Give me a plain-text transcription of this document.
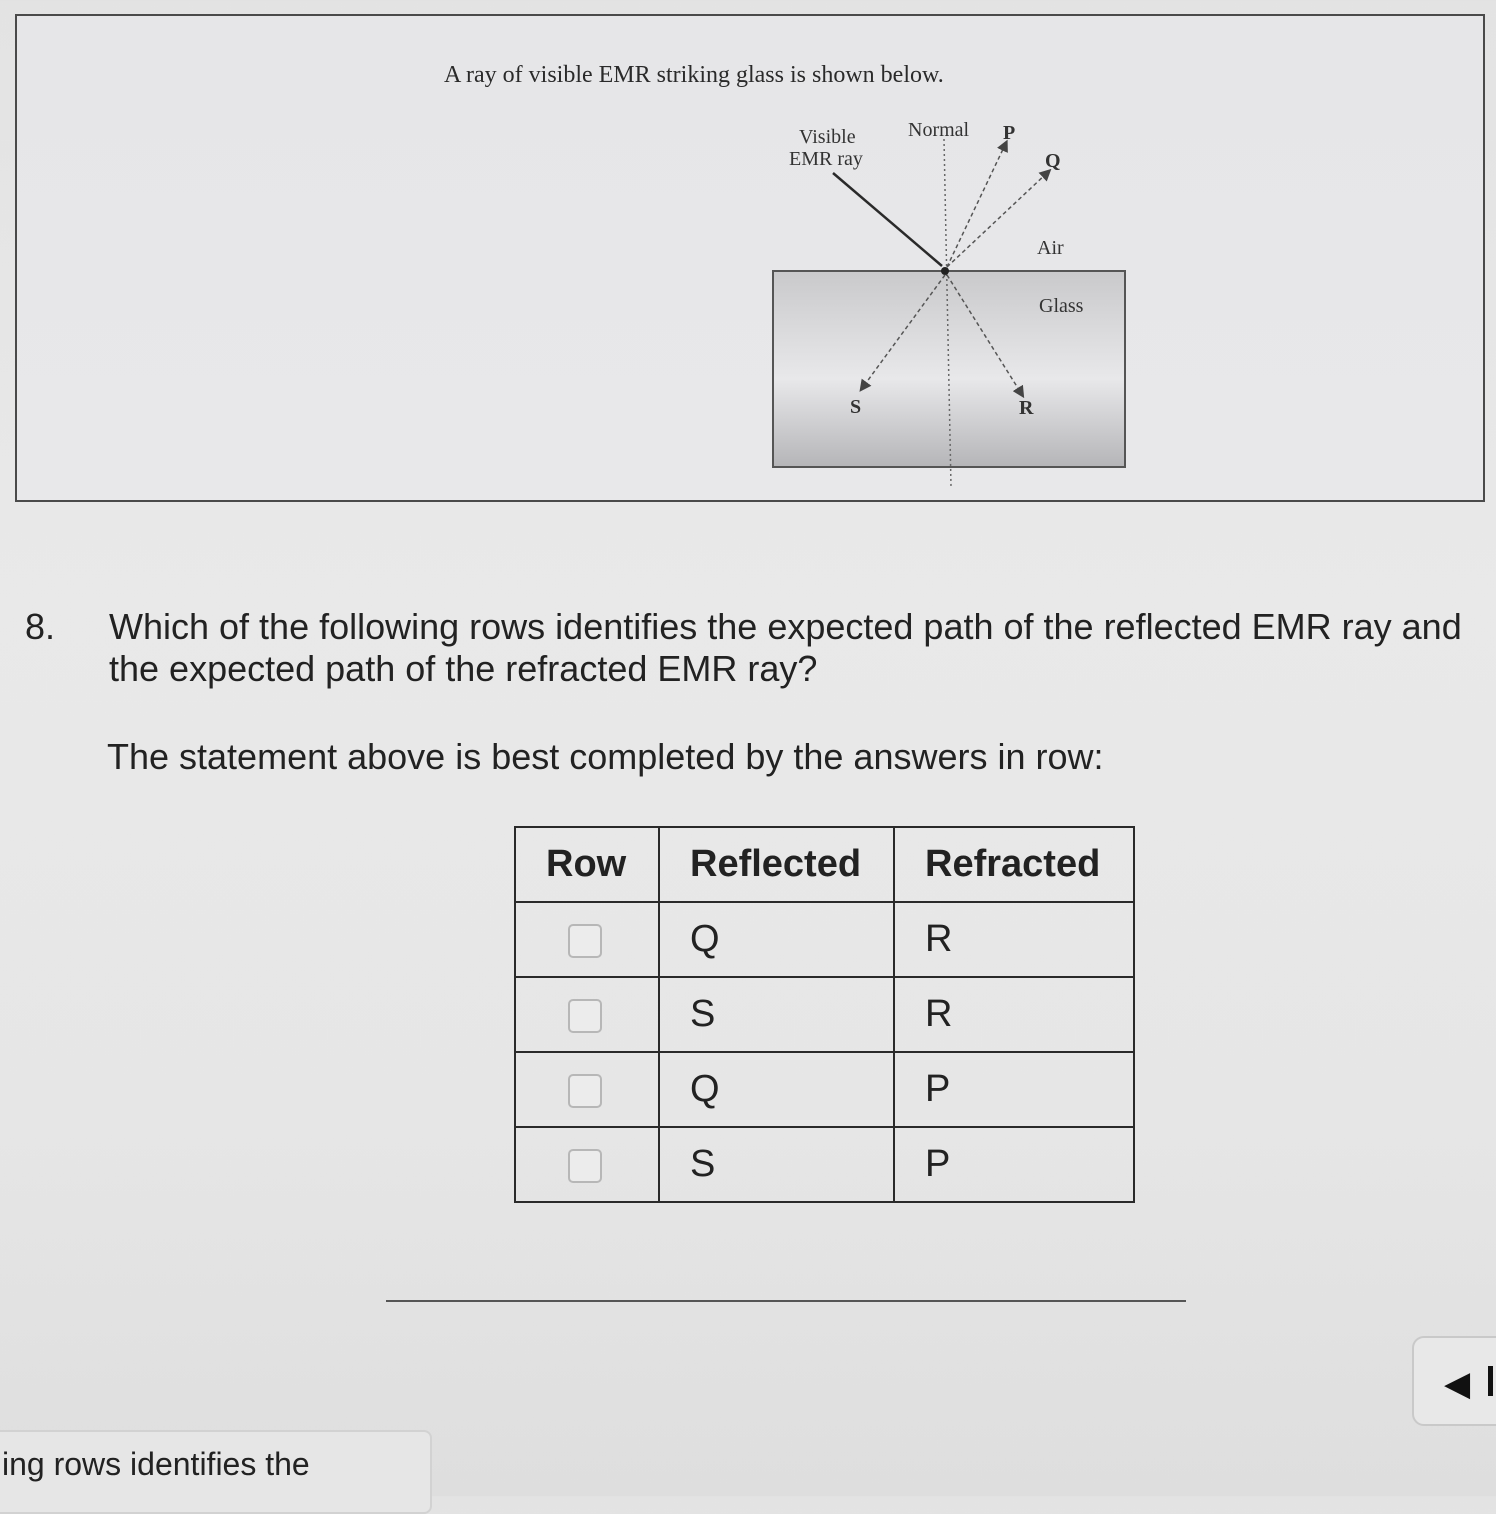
A ray of visible EMR striking glass is shown below.
Visible
EMR ray
Normal P
Q
Air
Glass
S	R
8. Which of the following rows identifies the expected path of the reflected EMR ray and the expected path of the refracted EMR ray?
The statement above is best completed by the answers in row:
Row	Reflected	Refracted
	Q	R
	S	R
	Q	P
	S	P
◀
ing rows identifies the
